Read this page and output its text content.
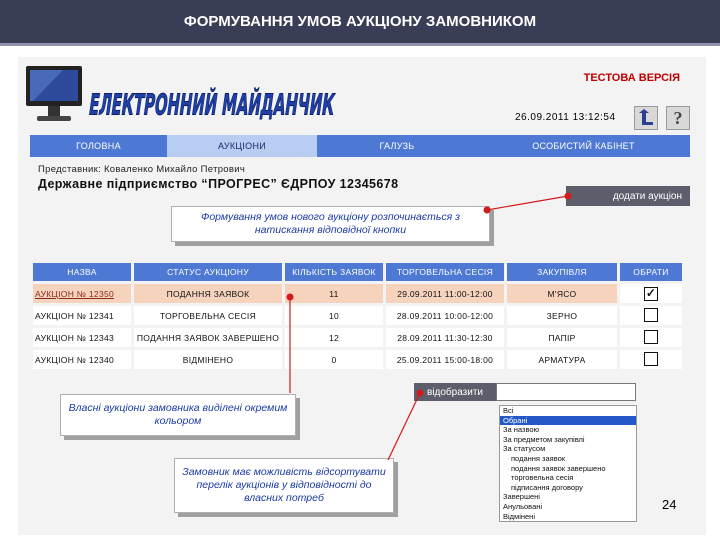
ФОРМУВАННЯ УМОВ АУКЦІОНУ ЗАМОВНИКОМ
ЕЛЕКТРОННИЙ МАЙДАНЧИК
ТЕСТОВА ВЕРСІЯ
26.09.2011 13:12:54	?
ГОЛОВНА	АУКЦІОНИ	ГАЛУЗЬ	ОСОБИСТИЙ КАБІНЕТ
Представник: Коваленко Михайло Петрович
Державне підприємство “ПРОГРЕС” ЄДРПОУ 12345678
додати аукціон
Формування умов нового аукціону розпочинається з натискання відповідної кнопки
НАЗВА	СТАТУС АУКЦІОНУ	КІЛЬКІСТЬ ЗАЯВОК	ТОРГОВЕЛЬНА СЕСІЯ	ЗАКУПІВЛЯ	ОБРАТИ
АУКЦІОН № 12350	ПОДАННЯ ЗАЯВОК	11	29.09.2011 11:00-12:00	М'ЯСО	✓
АУКЦІОН № 12341	ТОРГОВЕЛЬНА СЕСІЯ	10	28.09.2011 10:00-12:00	ЗЕРНО	
АУКЦІОН № 12343	ПОДАННЯ ЗАЯВОК ЗАВЕРШЕНО	12	28.09.2011 11:30-12:30	ПАПІР	
АУКЦІОН № 12340	ВІДМІНЕНО	0	25.09.2011 15:00-18:00	АРМАТУРА	
відобразити
Всі
Обрані
За назвою
За предметом закупівлі
За статусом
подання заявок
подання заявок завершено
торговельна сесія
підписання договору
Завершені
Анульовані
Відмінені
Власні аукціони замовника виділені окремим кольором
Замовник має можливість відсортувати перелік аукціонів у відповідності до власних потреб	24
